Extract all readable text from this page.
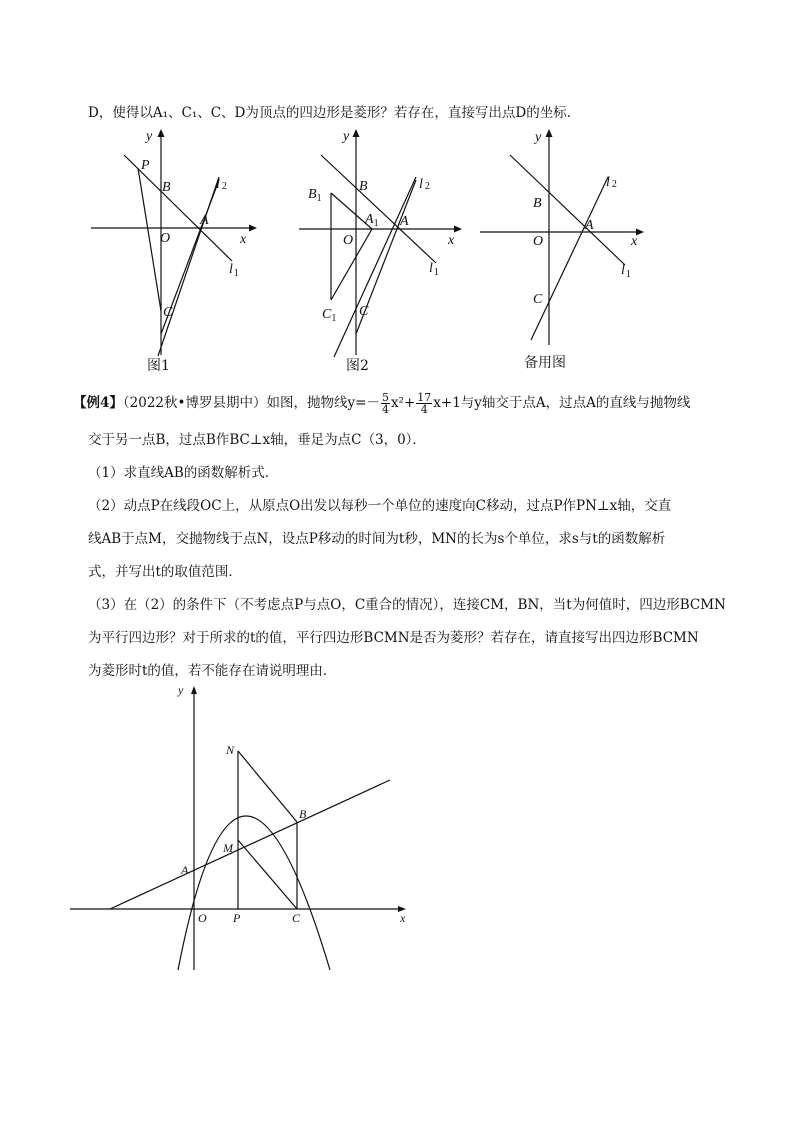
D，使得以A₁、C₁、C、D为顶点的四边形是菱形？若存在，直接写出点D的坐标．
y
x
O
P
B
A
C
l 2
$l_1$
图1
y
x
O
B
A
C
$B_1$
$A_1$
$C_1$
l 2
$l_1$
图2
y
x
O
B
A
C
l 2
$l_1$
备用图
【例4】（2022秋•博罗县期中）如图，抛物线$y=- \frac{5}{4} x^2+ \frac{17}{4} x+1$与y轴交于点A，过点A的直线与抛物线
交于另一点B，过点B作BC⊥x轴，垂足为点C（3，0）．
（1）求直线AB的函数解析式．
（2）动点P在线段OC上，从原点O出发以每秒一个单位的速度向C移动，过点P作PN⊥x轴，交直
线AB于点M，交抛物线于点N，设点P移动的时间为t秒，MN的长为s个单位，求s与t的函数解析
式，并写出t的取值范围．
（3）在（2）的条件下（不考虑点P与点O，C重合的情况），连接CM，BN，当t为何值时，四边形BCMN
为平行四边形？对于所求的t的值，平行四边形BCMN是否为菱形？若存在，请直接写出四边形BCMN
为菱形时t的值，若不能存在请说明理由．
y
x
O P	C
A
M
N
B
